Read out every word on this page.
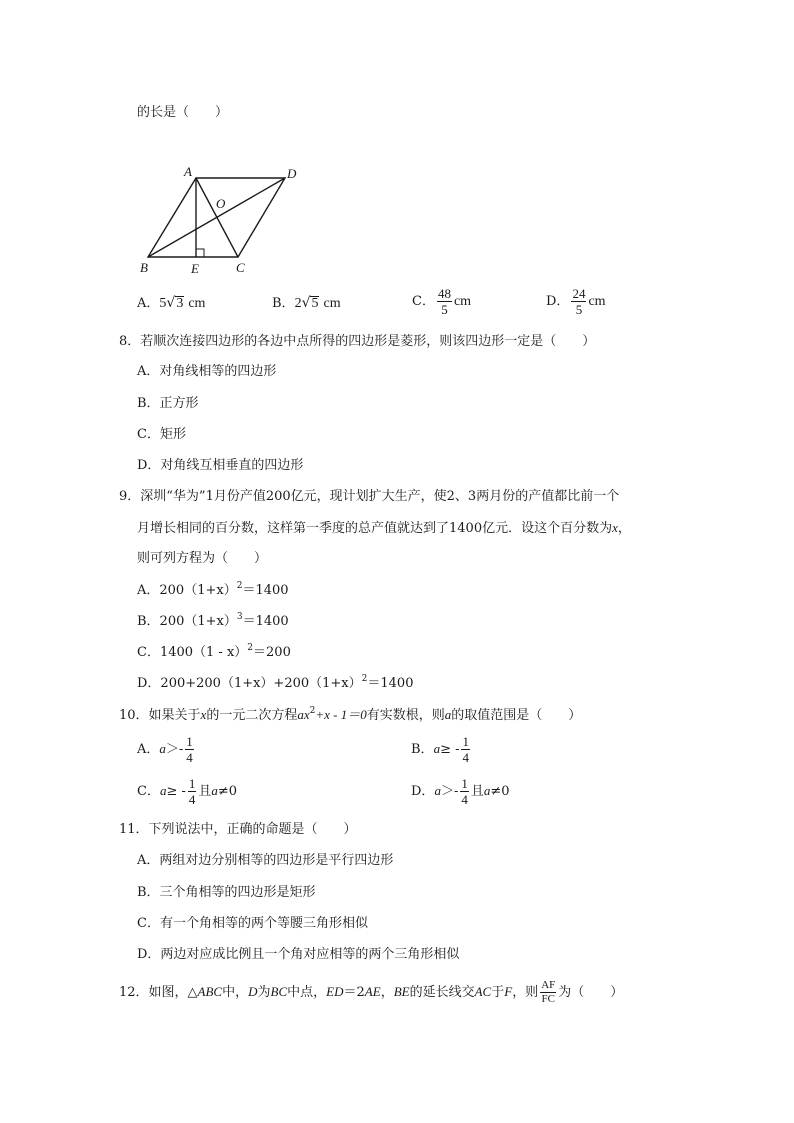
的长是（　　）
A	D
O
B	E	C
A．5√3 cm	B．2√5 cm	C． $\frac{48}{5}$ cm	D． $\frac{24}{5}$ cm
8．若顺次连接四边形的各边中点所得的四边形是菱形，则该四边形一定是（　　）
A．对角线相等的四边形
B．正方形
C．矩形
D．对角线互相垂直的四边形
9．深圳“华为”1月份产值200亿元，现计划扩大生产，使2、3两月份的产值都比前一个
月增长相同的百分数，这样第一季度的总产值就达到了1400亿元．设这个百分数为x，
则可列方程为（　　）
A．$200(1+x)^2=1400$
B．$200(1+x)^3=1400$
C．1400（1 - x）$^2$＝200
D．$200+200(1+x)+200(1+x)^2=1400$
10．如果关于x的一元二次方程$ax^2+x - 1=0$有实数根，则a的取值范围是（　　）
A．$a>- \frac{1}{4}$	B．$a\ge - \frac{1}{4}$
C．$a\ge - \frac{1}{4}$ 且a≠0	D．$a>- \frac{1}{4}$ 且a≠0
11．下列说法中，正确的命题是（　　）
A．两组对边分别相等的四边形是平行四边形
B．三个角相等的四边形是矩形
C．有一个角相等的两个等腰三角形相似
D．两边对应成比例且一个角对应相等的两个三角形相似
12．如图，△ABC中，D为BC中点，ED＝2AE，BE的延长线交AC于F，则 $\frac{AF}{FC}$ 为（　　）
